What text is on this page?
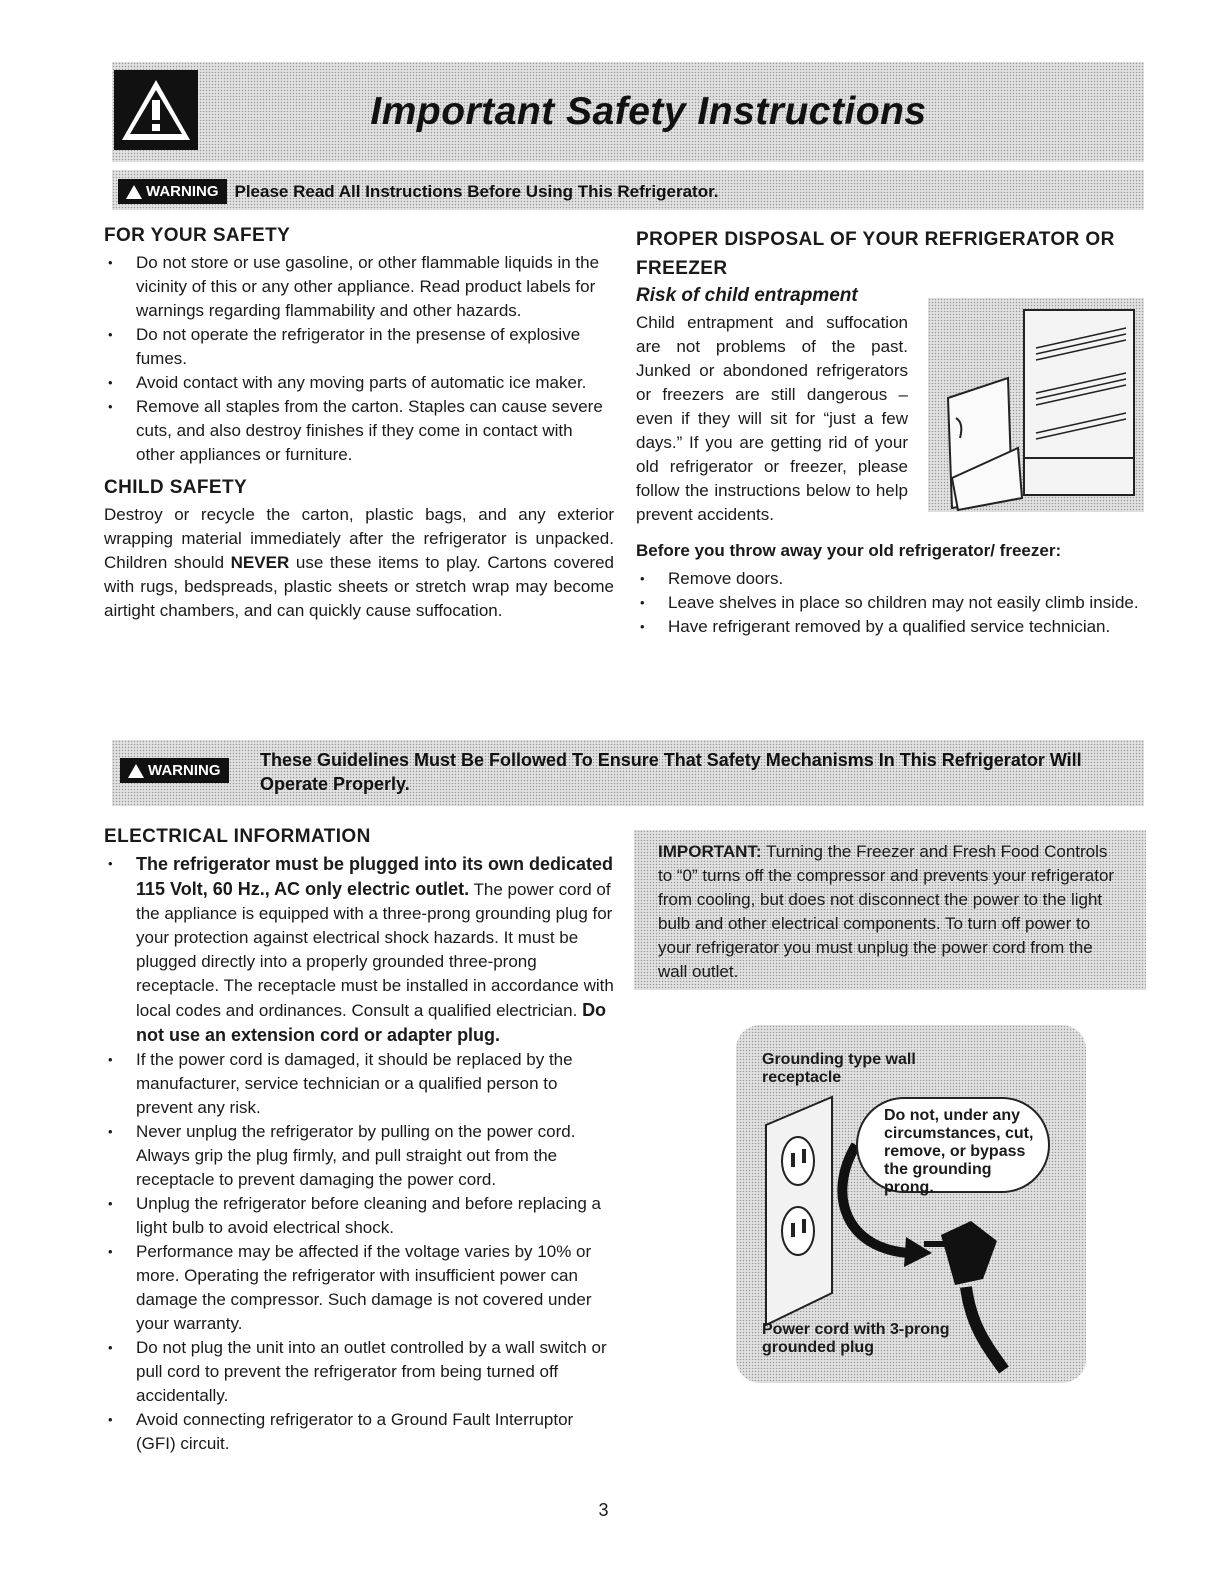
Important Safety Instructions
WARNING Please Read All Instructions Before Using This Refrigerator.
FOR YOUR SAFETY
• Do not store or use gasoline, or other flammable liquids in the vicinity of this or any other appliance. Read product labels for warnings regarding flammability and other hazards.
• Do not operate the refrigerator in the presense of explosive fumes.
• Avoid contact with any moving parts of automatic ice maker.
• Remove all staples from the carton. Staples can cause severe cuts, and also destroy finishes if they come in contact with other appliances or furniture.
CHILD SAFETY
Destroy or recycle the carton, plastic bags, and any exterior wrapping material immediately after the refrigerator is unpacked. Children should NEVER use these items to play. Cartons covered with rugs, bedspreads, plastic sheets or stretch wrap may become airtight chambers, and can quickly cause suffocation.
PROPER DISPOSAL OF YOUR REFRIGERATOR OR FREEZER
Risk of child entrapment
Child entrapment and suffocation are not problems of the past. Junked or abondoned refrigerators or freezers are still dangerous – even if they will sit for “just a few days.” If you are getting rid of your old refrigerator or freezer, please follow the instructions below to help prevent accidents.
Before you throw away your old refrigerator/ freezer:
• Remove doors.
• Leave shelves in place so children may not easily climb inside.
• Have refrigerant removed by a qualified service technician.
WARNING
These Guidelines Must Be Followed To Ensure That Safety Mechanisms In This Refrigerator Will Operate Properly.
ELECTRICAL INFORMATION
• The refrigerator must be plugged into its own dedicated 115 Volt, 60 Hz., AC only electric outlet. The power cord of the appliance is equipped with a three-prong grounding plug for your protection against electrical shock hazards. It must be plugged directly into a properly grounded three-prong receptacle. The receptacle must be installed in accordance with local codes and ordinances. Consult a qualified electrician. Do not use an extension cord or adapter plug.
• If the power cord is damaged, it should be replaced by the manufacturer, service technician or a qualified person to prevent any risk.
• Never unplug the refrigerator by pulling on the power cord. Always grip the plug firmly, and pull straight out from the receptacle to prevent damaging the power cord.
• Unplug the refrigerator before cleaning and before replacing a light bulb to avoid electrical shock.
• Performance may be affected if the voltage varies by 10% or more. Operating the refrigerator with insufficient power can damage the compressor. Such damage is not covered under your warranty.
• Do not plug the unit into an outlet controlled by a wall switch or pull cord to prevent the refrigerator from being turned off accidentally.
• Avoid connecting refrigerator to a Ground Fault Interruptor (GFI) circuit.
IMPORTANT: Turning the Freezer and Fresh Food Controls to “0” turns off the compressor and prevents your refrigerator from cooling, but does not disconnect the power to the light bulb and other electrical components. To turn off power to your refrigerator you must unplug the power cord from the wall outlet.
Grounding type wall receptacle
Do not, under any circumstances, cut, remove, or bypass the grounding prong.
Power cord with 3-prong grounded plug
3
